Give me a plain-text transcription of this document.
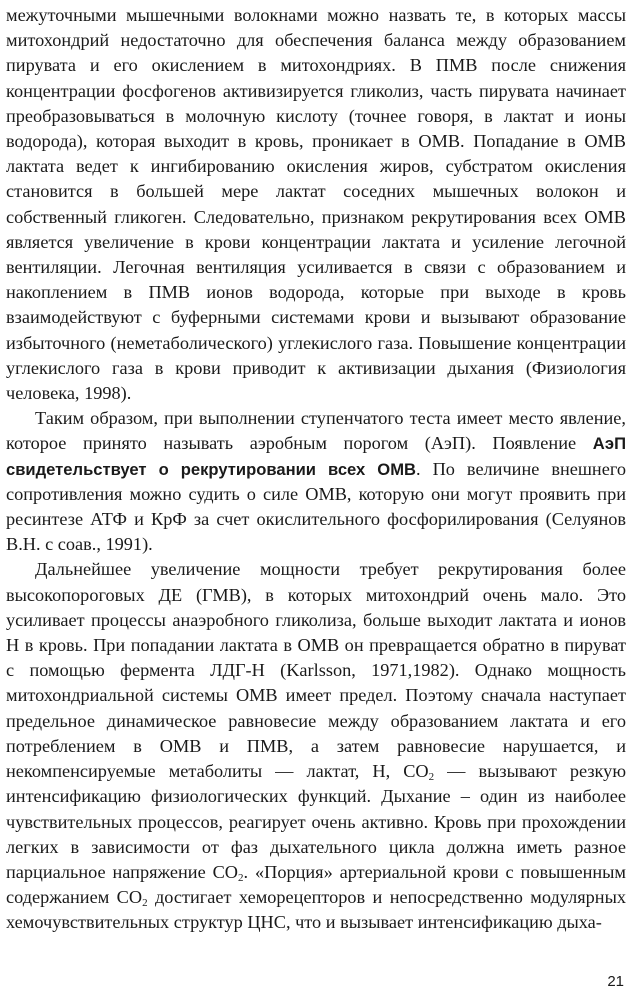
межуточными мышечными волокнами можно назвать те, в которых массы митохондрий недостаточно для обеспечения баланса между образованием пирувата и его окислением в митохондриях. В ПМВ после снижения концентрации фосфогенов активизируется гликолиз, часть пирувата начинает преобразовываться в молочную кислоту (точнее говоря, в лактат и ионы водорода), которая выходит в кровь, проникает в ОМВ. Попадание в ОМВ лактата ведет к ингибированию окисления жиров, субстратом окисления становится в большей мере лактат соседних мышечных волокон и собственный гликоген. Следовательно, признаком рекрутирования всех ОМВ является увеличение в крови концентрации лактата и усиление легочной вентиляции. Легочная вентиляция усиливается в связи с образованием и накоплением в ПМВ ионов водорода, которые при выходе в кровь взаимодействуют с буферными системами крови и вызывают образование избыточного (неметаболического) углекислого газа. Повышение концентрации углекислого газа в крови приводит к активизации дыхания (Физиология человека, 1998).

Таким образом, при выполнении ступенчатого теста имеет место явление, которое принято называть аэробным порогом (АэП). Появление АэП свидетельствует о рекрутировании всех ОМВ. По величине внешнего сопротивления можно судить о силе ОМВ, которую они могут проявить при ресинтезе АТФ и КрФ за счет окислительного фосфорилирования (Селуянов В.Н. с соав., 1991).

Дальнейшее увеличение мощности требует рекрутирования более высокопороговых ДЕ (ГМВ), в которых митохондрий очень мало. Это усиливает процессы анаэробного гликолиза, больше выходит лактата и ионов Н в кровь. При попадании лактата в ОМВ он превращается обратно в пируват с помощью фермента ЛДГ-Н (Karlsson, 1971,1982). Однако мощность митохондриальной системы ОМВ имеет предел. Поэтому сначала наступает предельное динамическое равновесие между образованием лактата и его потреблением в ОМВ и ПМВ, а затем равновесие нарушается, и некомпенсируемые метаболиты — лактат, Н, $СО_2$ — вызывают резкую интенсификацию физиологических функций. Дыхание – один из наиболее чувствительных процессов, реагирует очень активно. Кровь при прохождении легких в зависимости от фаз дыхательного цикла должна иметь разное парциальное напряжение $СО_2$. «Порция» артериальной крови с повышенным содержанием $СО_2$ достигает хеморецепторов и непосредственно модулярных хемочувствительных структур ЦНС, что и вызывает интенсификацию дыха-

21
